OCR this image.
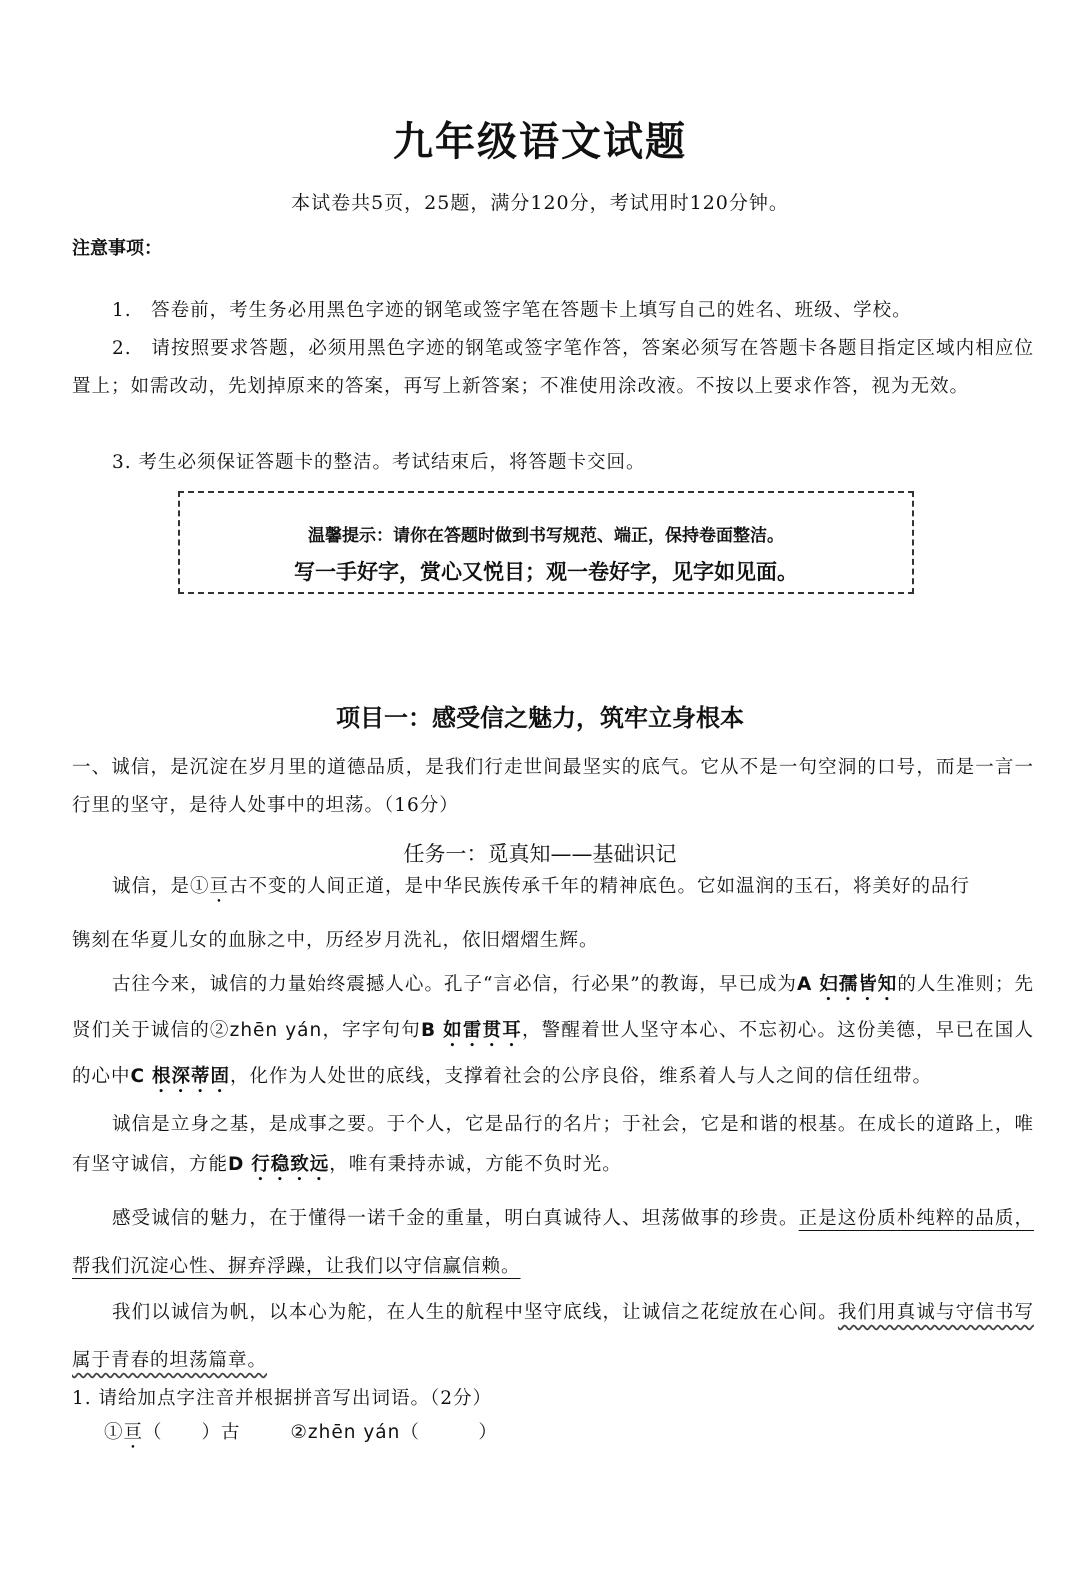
九年级语文试题
本试卷共5页，25题，满分120分，考试用时120分钟。
注意事项：
1.　答卷前，考生务必用黑色字迹的钢笔或签字笔在答题卡上填写自己的姓名、班级、学校。
2.　请按照要求答题，必须用黑色字迹的钢笔或签字笔作答，答案必须写在答题卡各题目指定区域内相应位置上；如需改动，先划掉原来的答案，再写上新答案；不准使用涂改液。不按以上要求作答，视为无效。
3. 考生必须保证答题卡的整洁。考试结束后，将答题卡交回。
温馨提示：请你在答题时做到书写规范、端正，保持卷面整洁。
写一手好字，赏心又悦目；观一卷好字，见字如见面。
项目一：感受信之魅力，筑牢立身根本
一、诚信，是沉淀在岁月里的道德品质，是我们行走世间最坚实的底气。它从不是一句空洞的口号，而是一言一行里的坚守，是待人处事中的坦荡。（16分）
任务一：觅真知——基础识记
诚信，是①亘古不变的人间正道，是中华民族传承千年的精神底色。它如温润的玉石，将美好的品行
镌刻在华夏儿女的血脉之中，历经岁月洗礼，依旧熠熠生辉。
古往今来，诚信的力量始终震撼人心。孔子“言必信，行必果”的教诲，早已成为A 妇孺皆知的人生准则；先贤们关于诚信的②zhēn yán，字字句句B 如雷贯耳，警醒着世人坚守本心、不忘初心。这份美德，早已在国人的心中C 根深蒂固，化作为人处世的底线，支撑着社会的公序良俗，维系着人与人之间的信任纽带。
诚信是立身之基，是成事之要。于个人，它是品行的名片；于社会，它是和谐的根基。在成长的道路上，唯有坚守诚信，方能D 行稳致远，唯有秉持赤诚，方能不负时光。
感受诚信的魅力，在于懂得一诺千金的重量，明白真诚待人、坦荡做事的珍贵。正是这份质朴纯粹的品质，帮我们沉淀心性、摒弃浮躁，让我们以守信赢信赖。
我们以诚信为帆，以本心为舵，在人生的航程中坚守底线，让诚信之花绽放在心间。我们用真诚与守信书写属于青春的坦荡篇章。
1. 请给加点字注音并根据拼音写出词语。（2分）
①亘（　　）古	②zhēn yán（　　　）
